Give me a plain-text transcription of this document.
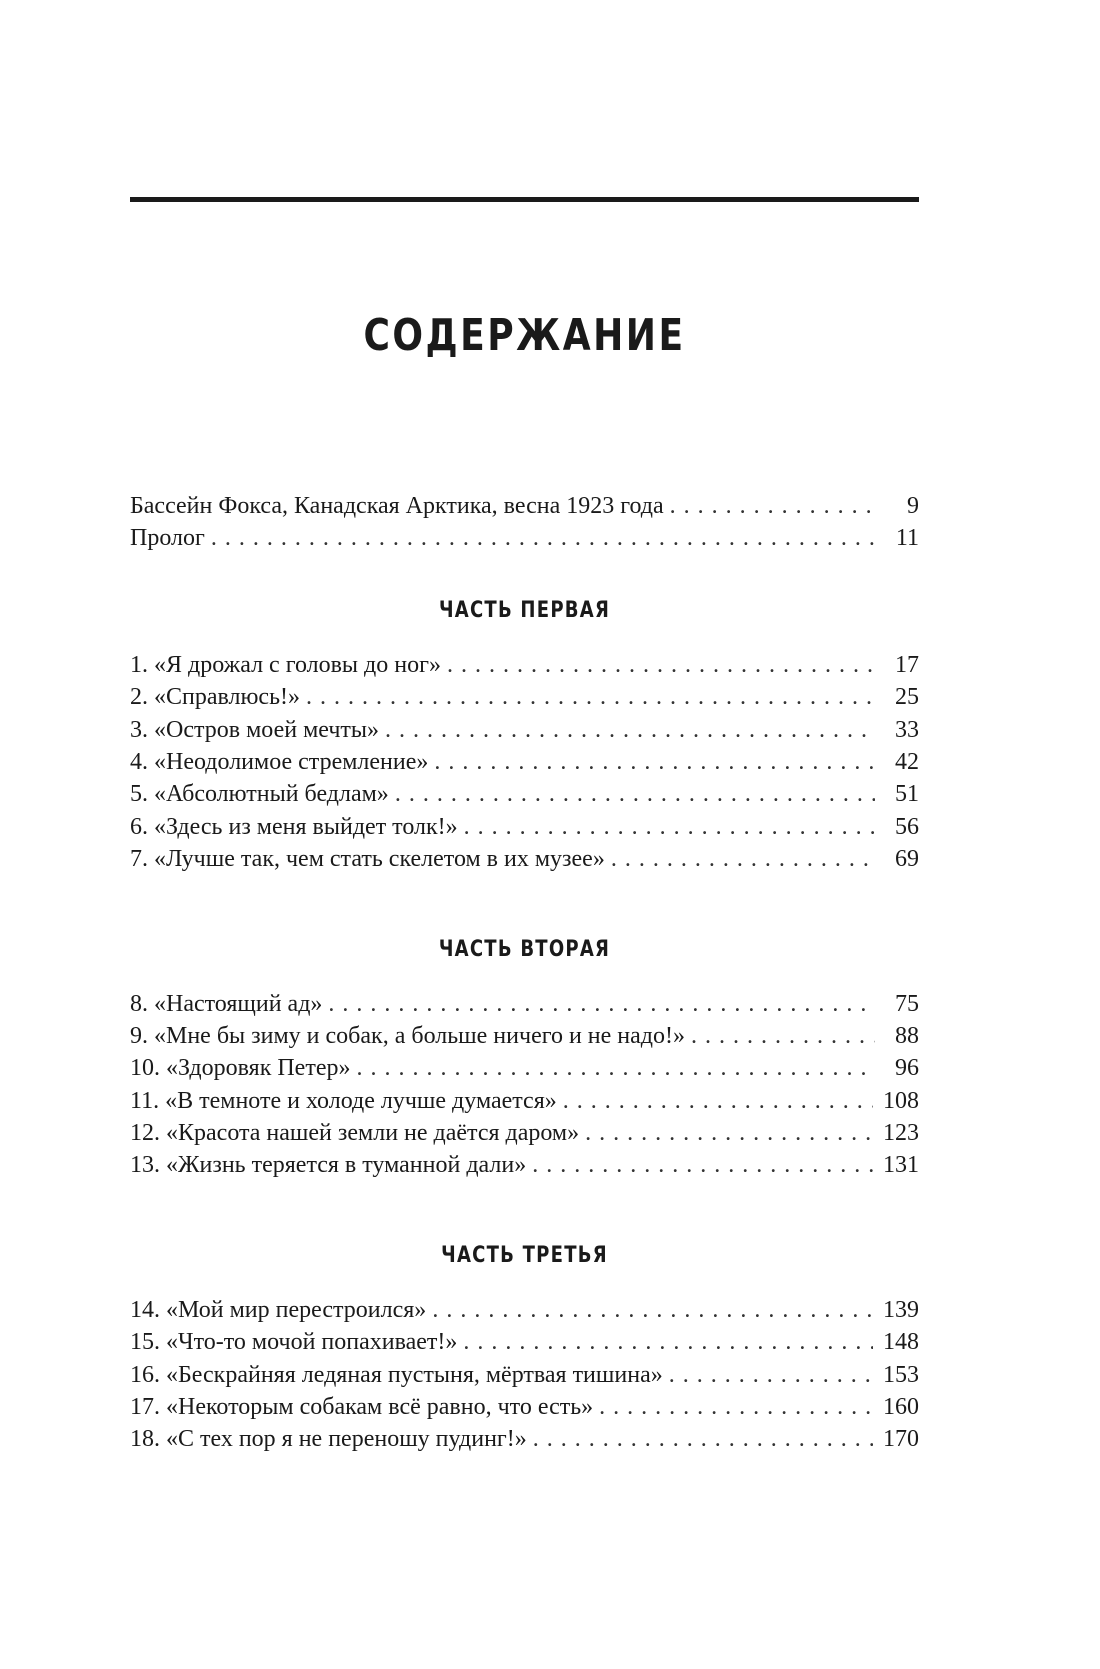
СОДЕРЖАНИЕ
Бассейн Фокса, Канадская Арктика, весна 1923 года . . .	9
Пролог . . .	11
ЧАСТЬ ПЕРВАЯ
1. «Я дрожал с головы до ног» . . .	17
2. «Справлюсь!» . . .	25
3. «Остров моей мечты» . . .	33
4. «Неодолимое стремление» . . .	42
5. «Абсолютный бедлам» . . .	51
6. «Здесь из меня выйдет толк!» . . .	56
7. «Лучше так, чем стать скелетом в их музее» . . .	69
ЧАСТЬ ВТОРАЯ
8. «Настоящий ад» . . .	75
9. «Мне бы зиму и собак, а больше ничего и не надо!» . . .	88
10. «Здоровяк Петер» . . .	96
11. «В темноте и холоде лучше думается» . . .	108
12. «Красота нашей земли не даётся даром» . . .	123
13. «Жизнь теряется в туманной дали» . . .	131
ЧАСТЬ ТРЕТЬЯ
14. «Мой мир перестроился» . . .	139
15. «Что-то мочой попахивает!» . . .	148
16. «Бескрайняя ледяная пустыня, мёртвая тишина» . . .	153
17. «Некоторым собакам всё равно, что есть» . . .	160
18. «С тех пор я не переношу пудинг!» . . .	170
